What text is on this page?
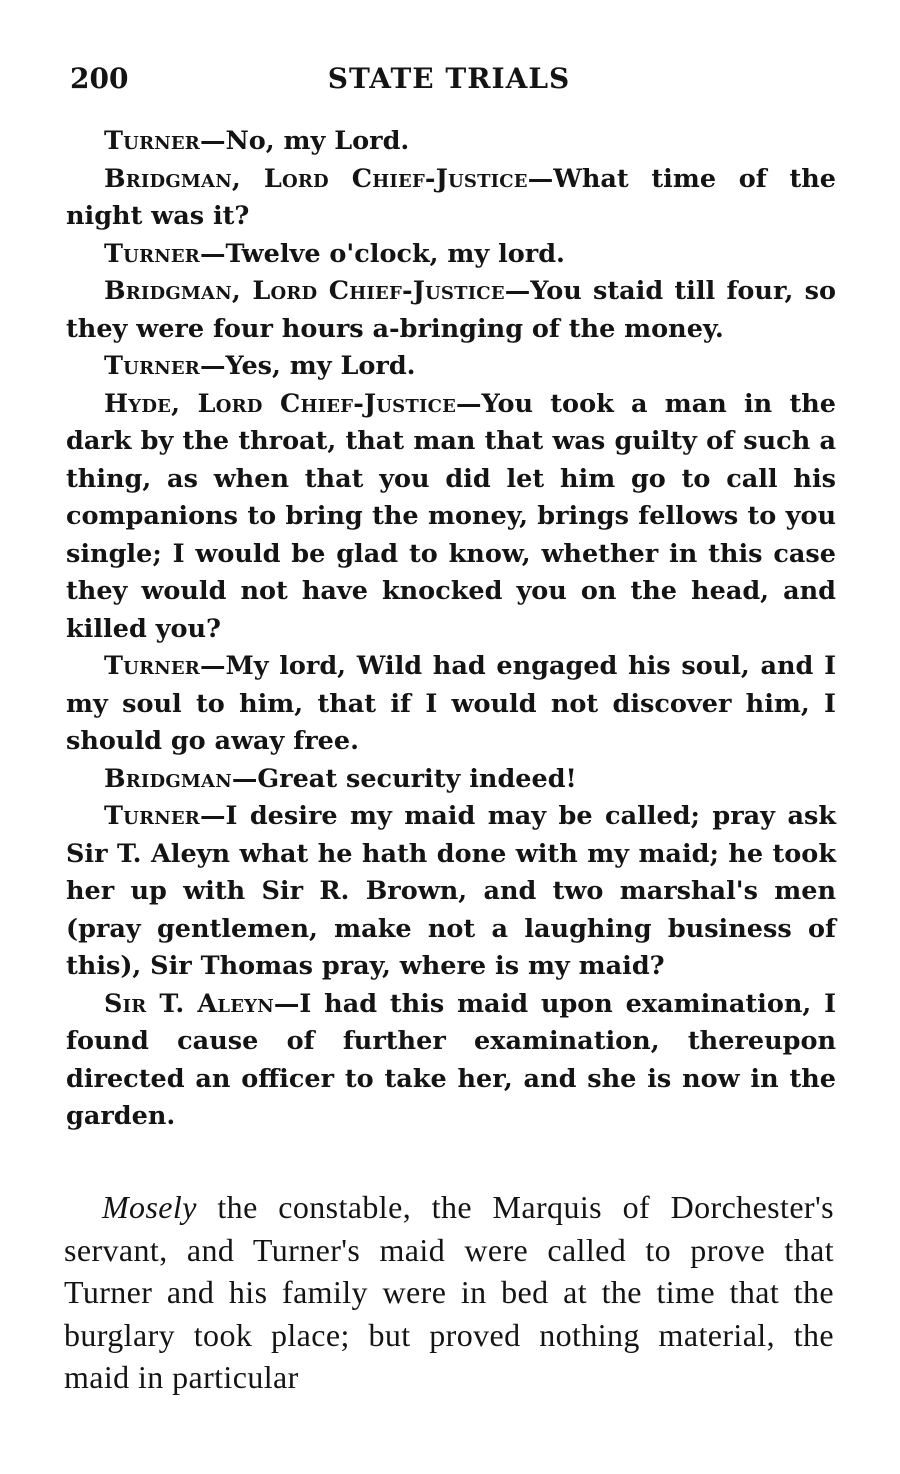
200	STATE TRIALS

Turner—No, my Lord.

Bridgman, Lord Chief-Justice—What time of the night was it?

Turner—Twelve o'clock, my lord.

Bridgman, Lord Chief-Justice—You staid till four, so they were four hours a-bringing of the money.

Turner—Yes, my Lord.

Hyde, Lord Chief-Justice—You took a man in the dark by the throat, that man that was guilty of such a thing, as when that you did let him go to call his companions to bring the money, brings fellows to you single; I would be glad to know, whether in this case they would not have knocked you on the head, and killed you?

Turner—My lord, Wild had engaged his soul, and I my soul to him, that if I would not discover him, I should go away free.

Bridgman—Great security indeed!

Turner—I desire my maid may be called; pray ask Sir T. Aleyn what he hath done with my maid; he took her up with Sir R. Brown, and two marshal's men (pray gentlemen, make not a laughing business of this), Sir Thomas pray, where is my maid?

Sir T. Aleyn—I had this maid upon examination, I found cause of further examination, thereupon directed an officer to take her, and she is now in the garden.

Mosely the constable, the Marquis of Dorchester's servant, and Turner's maid were called to prove that Turner and his family were in bed at the time that the burglary took place; but proved nothing material, the maid in particular
